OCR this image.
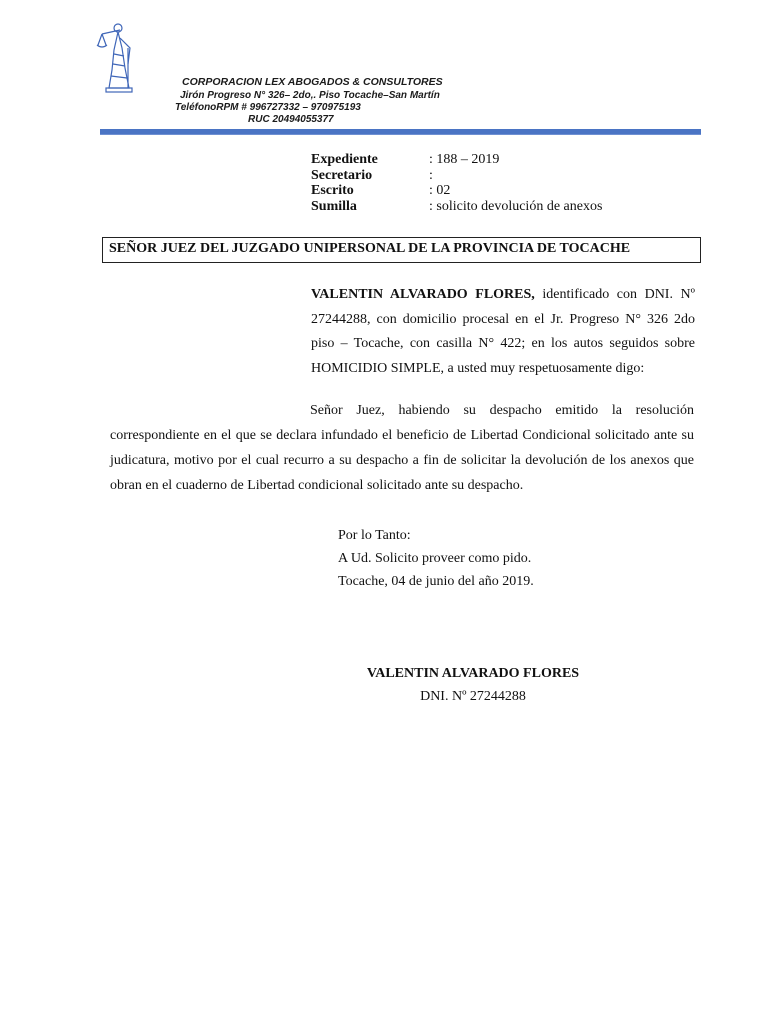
CORPORACION LEX ABOGADOS & CONSULTORES
Jirón Progreso N° 326– 2do,. Piso Tocache–San Martín
TeléfonoRPM # 996727332 – 970975193
RUC 20494055377
Expediente	: 188 – 2019
Secretario	:
Escrito	: 02
Sumilla	: solicito devolución de anexos
SEÑOR JUEZ DEL JUZGADO UNIPERSONAL DE LA PROVINCIA DE TOCACHE
VALENTIN ALVARADO FLORES, identificado con DNI. Nº 27244288, con domicilio procesal en el Jr. Progreso N° 326 2do piso – Tocache, con casilla N° 422; en los autos seguidos sobre HOMICIDIO SIMPLE, a usted muy respetuosamente digo:
Señor Juez, habiendo su despacho emitido la resolución correspondiente en el que se declara infundado el beneficio de Libertad Condicional solicitado ante su judicatura, motivo por el cual recurro a su despacho a fin de solicitar la devolución de los anexos que obran en el cuaderno de Libertad condicional solicitado ante su despacho.
Por lo Tanto:
A Ud. Solicito proveer como pido.
Tocache, 04 de junio del año 2019.
VALENTIN ALVARADO FLORES
DNI. Nº 27244288
